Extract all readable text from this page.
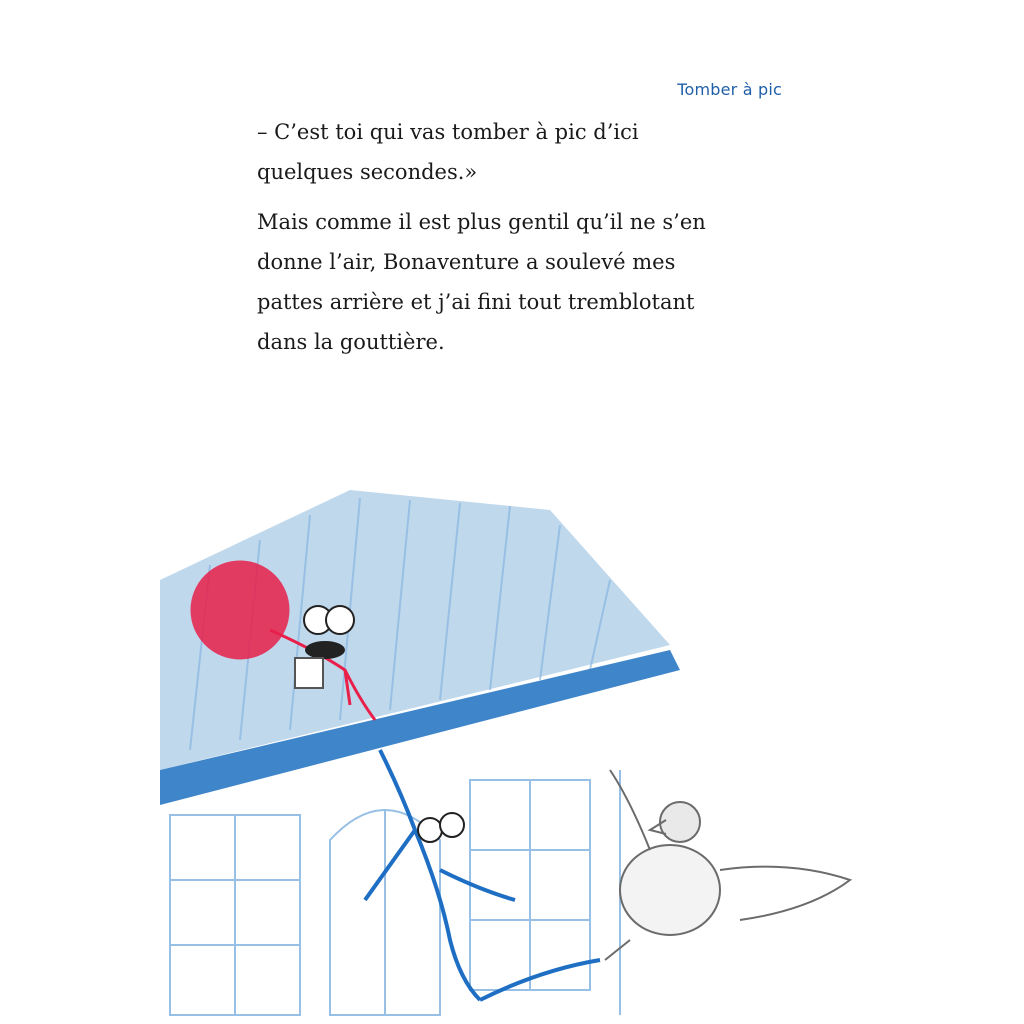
Tomber à pic

– C’est toi qui vas tomber à pic d’ici quelques secondes.»

Mais comme il est plus gentil qu’il ne s’en donne l’air, Bonaventure a soulevé mes pattes arrière et j’ai fini tout tremblotant dans la gouttière.
